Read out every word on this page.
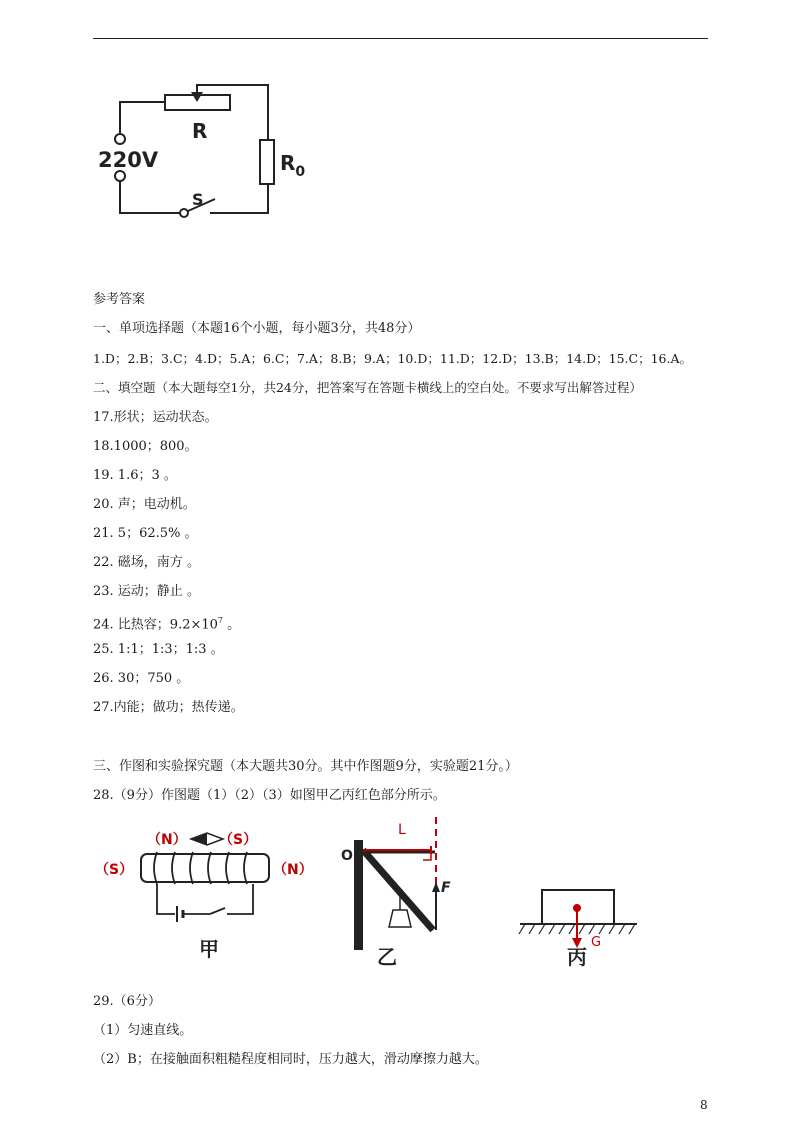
R
220V	$R_0$
S
参考答案
一、单项选择题（本题16个小题，每小题3分，共48分）
1.D；2.B；3.C；4.D；5.A；6.C；7.A；8.B；9.A；10.D；11.D；12.D；13.B；14.D；15.C；16.A。
二、填空题（本大题每空1分，共24分，把答案写在答题卡横线上的空白处。不要求写出解答过程）
17.形状；运动状态。
18.1000；800。
19. 1.6；3 。
20. 声；电动机。
21. 5；62.5% 。
22. 磁场，南方 。
23. 运动；静止 。
24. 比热容；$9.2\times 10^7$ 。
25. 1:1；1:3；1:3 。
26. 30；750 。
27.内能；做功；热传递。
三、作图和实验探究题（本大题共30分。其中作图题9分，实验题21分。）
28.（9分）作图题（1）（2）（3）如图甲乙丙红色部分所示。
（N） （S）
（S）	（N）
甲
O
L
F
乙
G
丙
29.（6分）
（1）匀速直线。
（2）B；在接触面积粗糙程度相同时，压力越大，滑动摩擦力越大。
8
